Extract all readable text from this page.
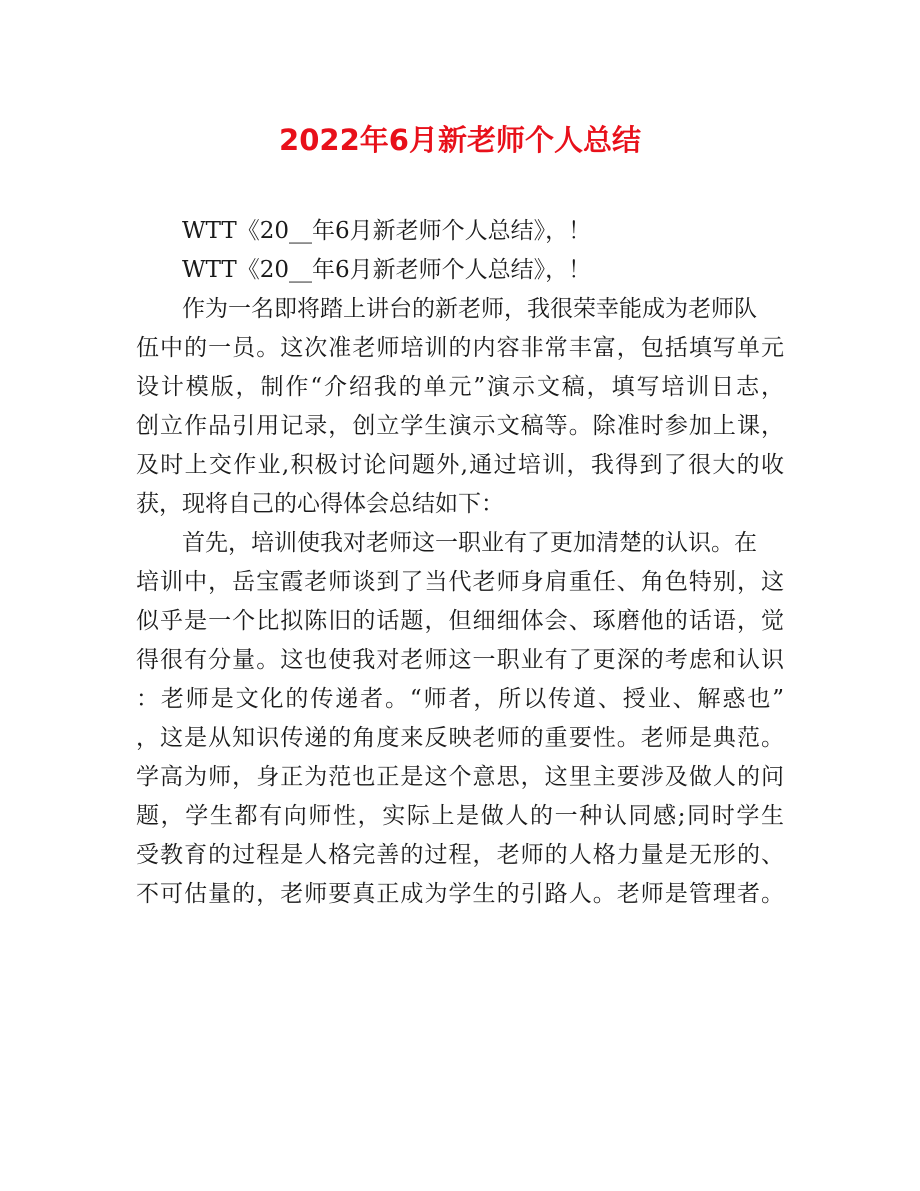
2022年6月新老师个人总结
WTT《20__年6月新老师个人总结》，！
WTT《20__年6月新老师个人总结》，！
作为一名即将踏上讲台的新老师，我很荣幸能成为老师队
伍中的一员。这次准老师培训的内容非常丰富，包括填写单元
设计模版，制作“介绍我的单元”演示文稿，填写培训日志，
创立作品引用记录，创立学生演示文稿等。除准时参加上课，
及时上交作业,积极讨论问题外,通过培训，我得到了很大的收
获，现将自己的心得体会总结如下：
首先，培训使我对老师这一职业有了更加清楚的认识。在
培训中，岳宝霞老师谈到了当代老师身肩重任、角色特别，这
似乎是一个比拟陈旧的话题，但细细体会、琢磨他的话语，觉
得很有分量。这也使我对老师这一职业有了更深的考虑和认识
：老师是文化的传递者。“师者，所以传道、授业、解惑也”
，这是从知识传递的角度来反映老师的重要性。老师是典范。
学高为师，身正为范也正是这个意思，这里主要涉及做人的问
题，学生都有向师性，实际上是做人的一种认同感;同时学生
受教育的过程是人格完善的过程，老师的人格力量是无形的、
不可估量的，老师要真正成为学生的引路人。老师是管理者。
